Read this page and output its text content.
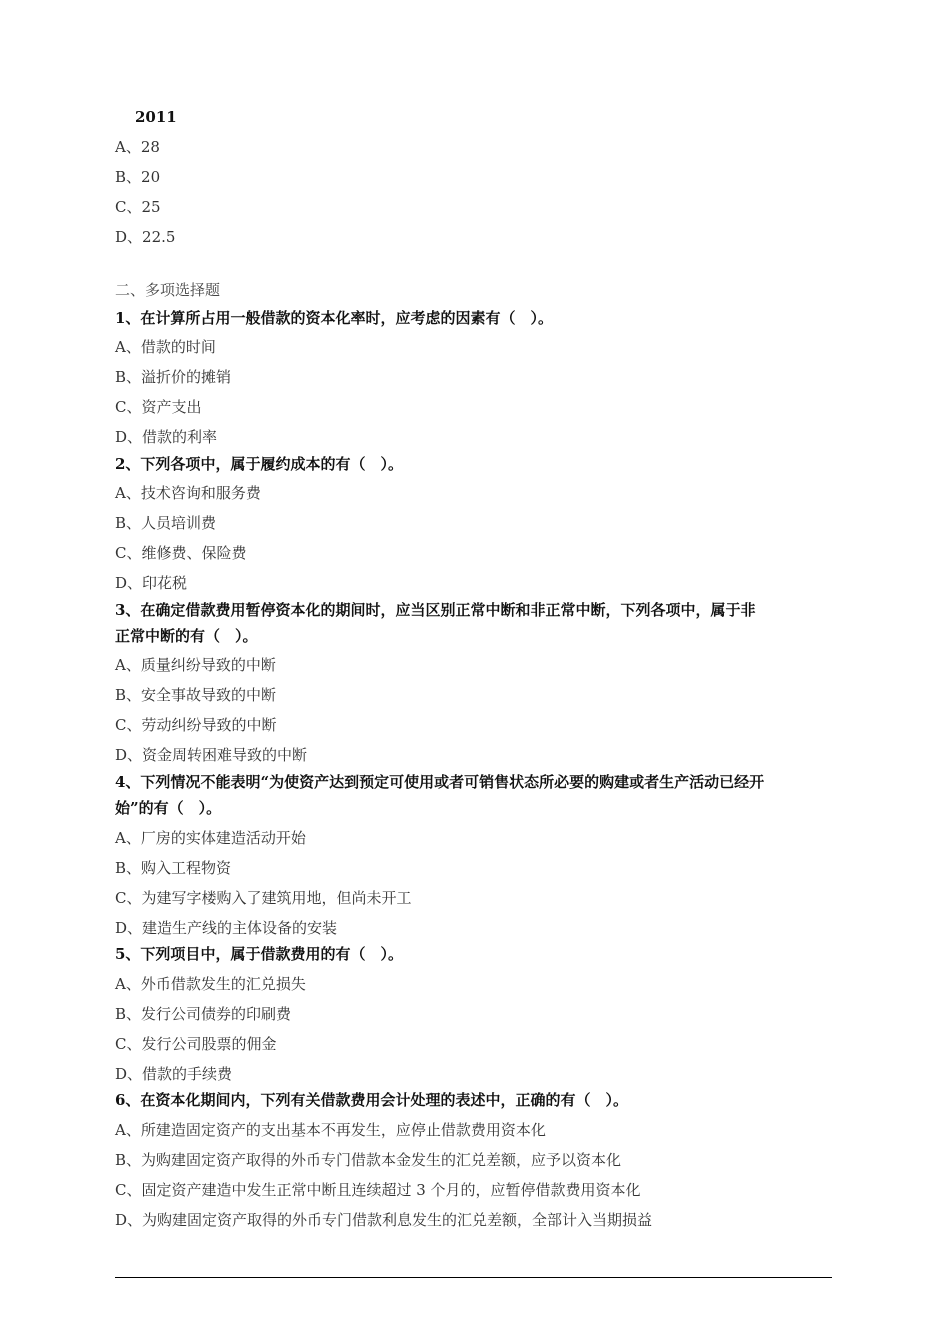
2011
A、28
B、20
C、25
D、22.5
二、多项选择题
1、在计算所占用一般借款的资本化率时，应考虑的因素有（　）。
A、借款的时间
B、溢折价的摊销
C、资产支出
D、借款的利率
2、下列各项中，属于履约成本的有（　）。
A、技术咨询和服务费
B、人员培训费
C、维修费、保险费
D、印花税
3、在确定借款费用暂停资本化的期间时，应当区别正常中断和非正常中断，下列各项中，属于非
正常中断的有（　）。
A、质量纠纷导致的中断
B、安全事故导致的中断
C、劳动纠纷导致的中断
D、资金周转困难导致的中断
4、下列情况不能表明“为使资产达到预定可使用或者可销售状态所必要的购建或者生产活动已经开
始”的有（　）。
A、厂房的实体建造活动开始
B、购入工程物资
C、为建写字楼购入了建筑用地，但尚未开工
D、建造生产线的主体设备的安装
5、下列项目中，属于借款费用的有（　）。
A、外币借款发生的汇兑损失
B、发行公司债券的印刷费
C、发行公司股票的佣金
D、借款的手续费
6、在资本化期间内，下列有关借款费用会计处理的表述中，正确的有（　）。
A、所建造固定资产的支出基本不再发生，应停止借款费用资本化
B、为购建固定资产取得的外币专门借款本金发生的汇兑差额，应予以资本化
C、固定资产建造中发生正常中断且连续超过 3 个月的，应暂停借款费用资本化
D、为购建固定资产取得的外币专门借款利息发生的汇兑差额，全部计入当期损益
